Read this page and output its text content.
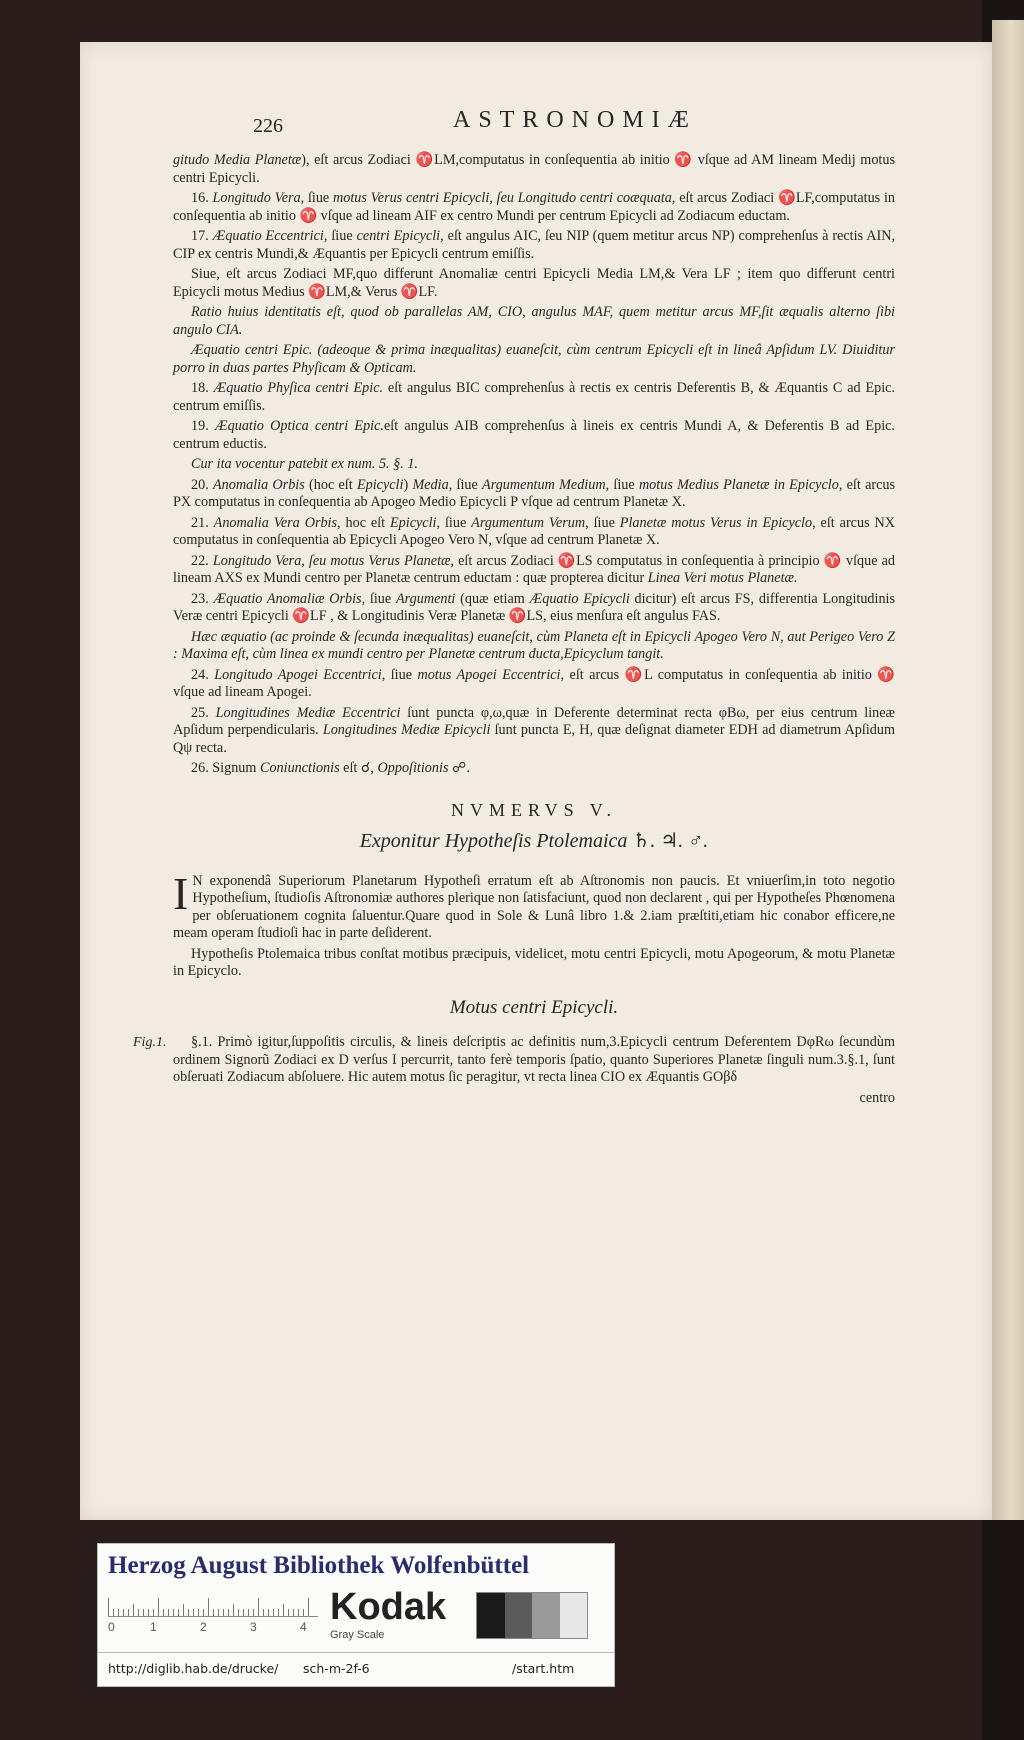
226	ASTRONOMIÆ

gitudo Media Planetæ), eſt arcus Zodiaci ♈LM,computatus in conſequentia ab initio ♈ vſque ad AM lineam Medij motus centri Epicycli.

16. Longitudo Vera, ſiue motus Verus centri Epicycli, ſeu Longitudo centri coæquata, eſt arcus Zodiaci ♈LF,computatus in conſequentia ab initio ♈ vſque ad lineam AIF ex centro Mundi per centrum Epicycli ad Zodiacum eductam.

17. Æquatio Eccentrici, ſiue centri Epicycli, eſt angulus AIC, ſeu NIP (quem metitur arcus NP) comprehenſus à rectis AIN, CIP ex centris Mundi,& Æquantis per Epicycli centrum emiſſis.

Siue, eſt arcus Zodiaci MF,quo differunt Anomaliæ centri Epicycli Media LM,& Vera LF ; item quo differunt centri Epicycli motus Medius ♈LM,& Verus ♈LF.

Ratio huius identitatis eſt, quod ob parallelas AM, CIO, angulus MAF, quem metitur arcus MF,ſit æqualis alterno ſibi angulo CIA.

Æquatio centri Epic. (adeoque & prima inæqualitas) euaneſcit, cùm centrum Epicycli eſt in lineâ Apſidum LV. Diuiditur porro in duas partes Phyſicam & Opticam.

18. Æquatio Phyſica centri Epic. eſt angulus BIC comprehenſus à rectis ex centris Deferentis B, & Æquantis C ad Epic. centrum emiſſis.

19. Æquatio Optica centri Epic.eſt angulus AIB comprehenſus à lineis ex centris Mundi A, & Deferentis B ad Epic. centrum eductis.

Cur ita vocentur patebit ex num. 5. §. 1.

20. Anomalia Orbis (hoc eſt Epicycli) Media, ſiue Argumentum Medium, ſiue motus Medius Planetæ in Epicyclo, eſt arcus PX computatus in conſequentia ab Apogeo Medio Epicycli P vſque ad centrum Planetæ X.

21. Anomalia Vera Orbis, hoc eſt Epicycli, ſiue Argumentum Verum, ſiue Planetæ motus Verus in Epicyclo, eſt arcus NX computatus in conſequentia ab Epicycli Apogeo Vero N, vſque ad centrum Planetæ X.

22. Longitudo Vera, ſeu motus Verus Planetæ, eſt arcus Zodiaci ♈LS computatus in conſequentia à principio ♈ vſque ad lineam AXS ex Mundi centro per Planetæ centrum eductam : quæ propterea dicitur Linea Veri motus Planetæ.

23. Æquatio Anomaliæ Orbis, ſiue Argumenti (quæ etiam Æquatio Epicycli dicitur) eſt arcus FS, differentia Longitudinis Veræ centri Epicycli ♈LF , & Longitudinis Veræ Planetæ ♈LS, eius menſura eſt angulus FAS.

Hæc æquatio (ac proinde & ſecunda inæqualitas) euaneſcit, cùm Planeta eſt in Epicycli Apogeo Vero N, aut Perigeo Vero Z : Maxima eſt, cùm linea ex mundi centro per Planetæ centrum ducta,Epicyclum tangit.

24. Longitudo Apogei Eccentrici, ſiue motus Apogei Eccentrici, eſt arcus ♈L computatus in conſequentia ab initio ♈ vſque ad lineam Apogei.

25. Longitudines Mediæ Eccentrici ſunt puncta φ,ω,quæ in Deferente determinat recta φBω, per eius centrum lineæ Apſidum perpendicularis. Longitudines Mediæ Epicycli ſunt puncta E, H, quæ deſignat diameter EDH ad diametrum Apſidum Qψ recta.

26. Signum Coniunctionis eſt ☌, Oppoſitionis ☍.

NVMERVS V.
Exponitur Hypotheſis Ptolemaica ♄. ♃. ♂.

I N exponendâ Superiorum Planetarum Hypotheſi erratum eſt ab Aſtronomis non paucis. Et vniuerſim,in toto negotio Hypotheſium, ſtudioſis Aſtronomiæ authores plerique non ſatisfaciunt, quod non declarent , qui per Hypotheſes Phœnomena per obſeruationem cognita ſaluentur.Quare quod in Sole & Lunâ libro 1.& 2.iam præſtiti,etiam hic conabor efficere,ne meam operam ſtudioſi hac in parte deſiderent.

Hypotheſis Ptolemaica tribus conſtat motibus præcipuis, videlicet, motu centri Epicycli, motu Apogeorum, & motu Planetæ in Epicyclo.

Motus centri Epicycli.
Fig.1.	§.1. Primò igitur,ſuppoſitis circulis, & lineis deſcriptis ac definitis num,3.Epicycli centrum Deferentem DφRω ſecundùm ordinem Signorũ Zodiaci ex D verſus I percurrit, tanto ferè temporis ſpatio, quanto Superiores Planetæ ſinguli num.3.§.1, ſunt obſeruati Zodiacum abſoluere. Hic autem motus ſic peragitur, vt recta linea CIO ex Æquantis GOβδ

centro

Herzog August Bibliothek Wolfenbüttel
0	1	2	3	4 Kodak
Gray Scale
http://diglib.hab.de/drucke/ sch-m-2f-6	/start.htm
